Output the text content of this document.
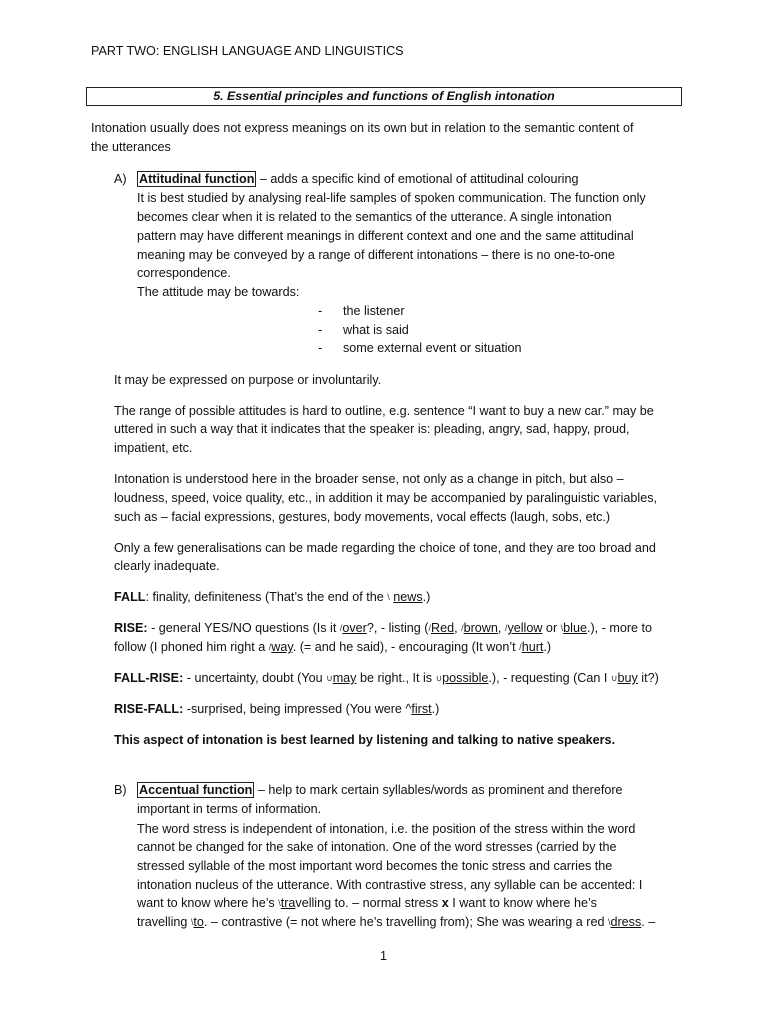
PART TWO: ENGLISH LANGUAGE AND LINGUISTICS
5. Essential principles and functions of English intonation
Intonation usually does not express meanings on its own but in relation to the semantic content of
the utterances
A) Attitudinal function – adds a specific kind of emotional of attitudinal colouring
It is best studied by analysing real-life samples of spoken communication. The function only
becomes clear when it is related to the semantics of the utterance. A single intonation
pattern may have different meanings in different context and one and the same attitudinal
meaning may be conveyed by a range of different intonations – there is no one-to-one
correspondence.
The attitude may be towards:
- the listener
- what is said
- some external event or situation
It may be expressed on purpose or involuntarily.
The range of possible attitudes is hard to outline, e.g. sentence “I want to buy a new car.” may be
uttered in such a way that it indicates that the speaker is: pleading, angry, sad, happy, proud,
impatient, etc.
Intonation is understood here in the broader sense, not only as a change in pitch, but also –
loudness, speed, voice quality, etc., in addition it may be accompanied by paralinguistic variables,
such as – facial expressions, gestures, body movements, vocal effects (laugh, sobs, etc.)
Only a few generalisations can be made regarding the choice of tone, and they are too broad and
clearly inadequate.
FALL: finality, definiteness (That’s the end of the \ news.)
RISE: - general YES/NO questions (Is it /over?, - listing (/Red, /brown, /yellow or \blue.), - more to
follow (I phoned him right a /way. (= and he said), - encouraging (It won’t /hurt.)
FALL-RISE: - uncertainty, doubt (You ∪may be right., It is ∪possible.), - requesting (Can I ∪buy it?)
RISE-FALL: -surprised, being impressed (You were ^first.)
This aspect of intonation is best learned by listening and talking to native speakers.
B) Accentual function – help to mark certain syllables/words as prominent and therefore
important in terms of information.
The word stress is independent of intonation, i.e. the position of the stress within the word
cannot be changed for the sake of intonation. One of the word stresses (carried by the
stressed syllable of the most important word becomes the tonic stress and carries the
intonation nucleus of the utterance. With contrastive stress, any syllable can be accented: I
want to know where he’s \travelling to. – normal stress x I want to know where he’s
travelling \to. – contrastive (= not where he’s travelling from); She was wearing a red \dress. –
1
